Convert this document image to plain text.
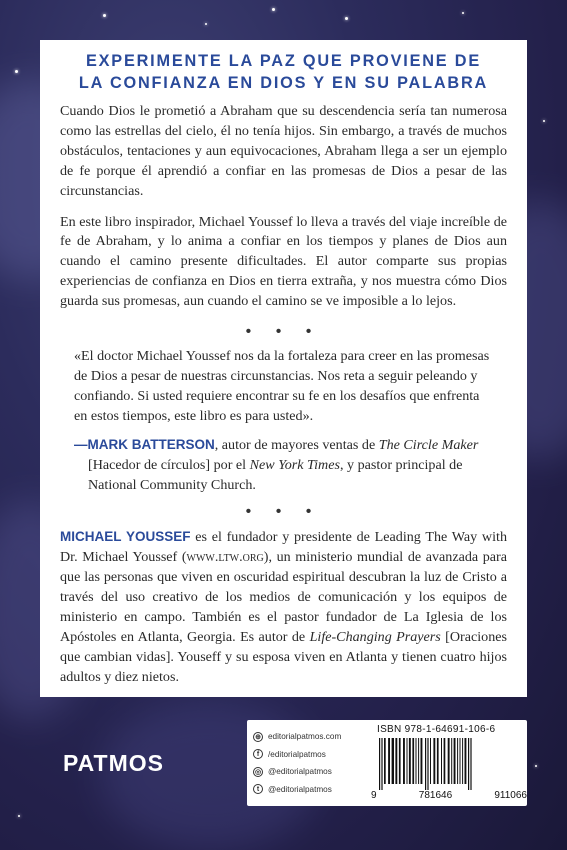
EXPERIMENTE LA PAZ QUE PROVIENE DE
LA CONFIANZA EN DIOS Y EN SU PALABRA

Cuando Dios le prometió a Abraham que su descendencia sería tan numerosa como las estrellas del cielo, él no tenía hijos. Sin embargo, a través de muchos obstáculos, tentaciones y aun equivocaciones, Abraham llega a ser un ejemplo de fe porque él aprendió a confiar en las promesas de Dios a pesar de las circunstancias.

En este libro inspirador, Michael Youssef lo lleva a través del viaje increíble de fe de Abraham, y lo anima a confiar en los tiempos y planes de Dios aun cuando el camino presente dificultades. El autor comparte sus propias experiencias de confianza en Dios en tierra extraña, y nos muestra cómo Dios guarda sus promesas, aun cuando el camino se ve imposible a lo lejos.

• • •
«El doctor Michael Youssef nos da la fortaleza para creer en las promesas de Dios a pesar de nuestras circunstancias. Nos reta a seguir peleando y confiando. Si usted requiere encontrar su fe en los desafíos que enfrenta en estos tiempos, este libro es para usted».
—MARK BATTERSON, autor de mayores ventas de The Circle Maker [Hacedor de círculos] por el New York Times, y pastor principal de National Community Church.
• • •

MICHAEL YOUSSEF es el fundador y presidente de Leading The Way with Dr. Michael Youssef (www.ltw.org), un ministerio mundial de avanzada para que las personas que viven en oscuridad espiritual descubran la luz de Cristo a través del uso creativo de los medios de comunicación y los equipos de ministerio en campo. También es el pastor fundador de La Iglesia de los Apóstoles en Atlanta, Georgia. Es autor de Life-Changing Prayers [Oraciones que cambian vidas]. Youseff y su esposa viven en Atlanta y tienen cuatro hijos adultos y diez nietos.

PATMOS
⊕ editorialpatmos.com
f	/editorialpatmos
◎ @editorialpatmos
t	@editorialpatmos
ISBN 978-1-64691-106-6
9	781646	911066
